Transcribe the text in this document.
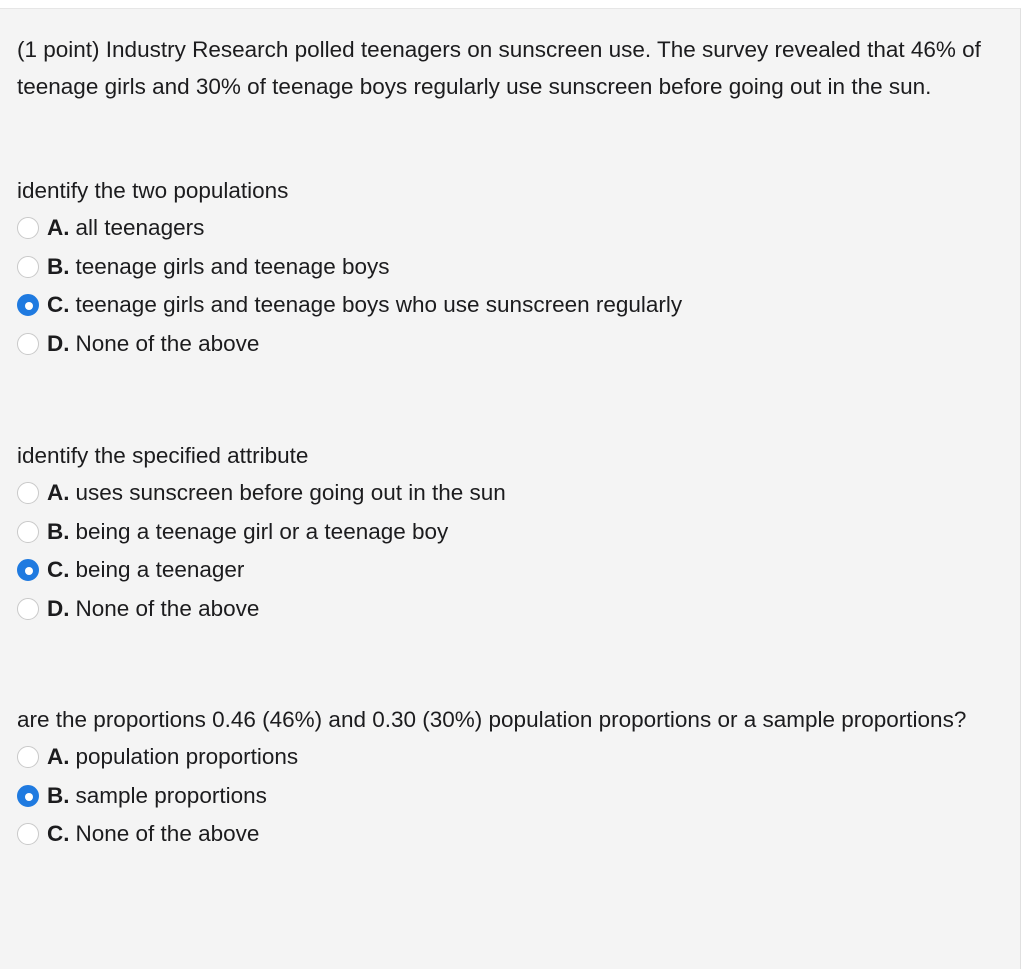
(1 point) Industry Research polled teenagers on sunscreen use. The survey revealed that 46% of teenage girls and 30% of teenage boys regularly use sunscreen before going out in the sun.
identify the two populations
A. all teenagers
B. teenage girls and teenage boys
C. teenage girls and teenage boys who use sunscreen regularly
D. None of the above
identify the specified attribute
A. uses sunscreen before going out in the sun
B. being a teenage girl or a teenage boy
C. being a teenager
D. None of the above
are the proportions 0.46 (46%) and 0.30 (30%) population proportions or a sample proportions?
A. population proportions
B. sample proportions
C. None of the above
